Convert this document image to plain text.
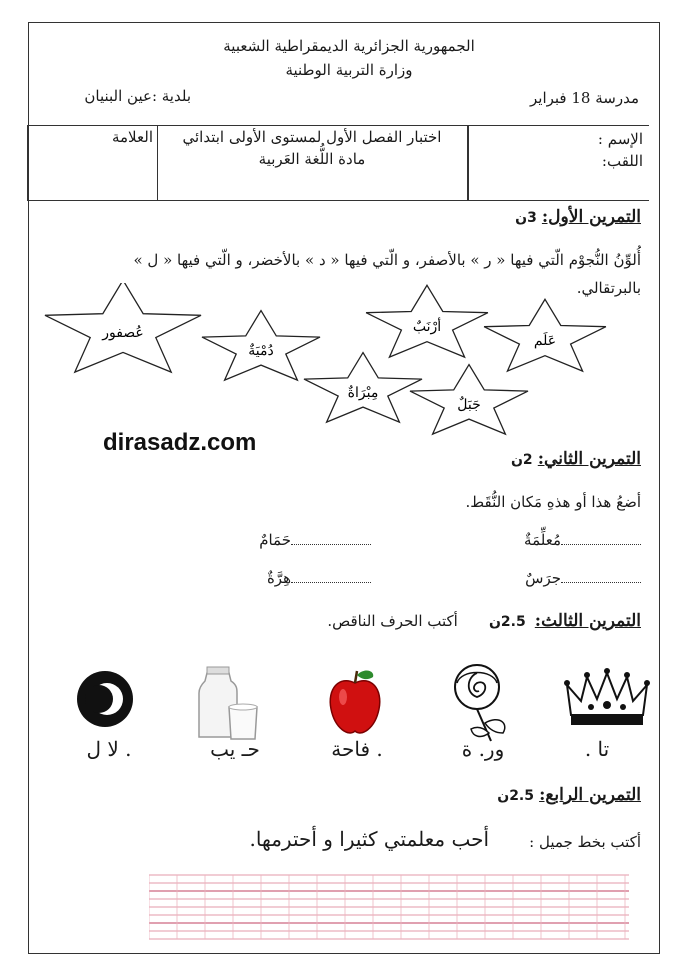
الجمهورية الجزائرية الديمقراطية الشعبية
وزارة التربية الوطنية
مدرسة 18 فبراير
بلدية :عين البنيان
العلامة	اختبار الفصل الأول لمستوى الأولى ابتدائي
مادة اللُّغة العَربية
الإسم :
اللقب:
التمرين الأول: 3ن
أُلوِّنُ النُّجوْم الّتي فيها « ر » بالأصفر، و الّتي فيها « د » بالأخضر، و الّتي فيها « ل »
بالبرتقالي.
عُصفور
دُمْيَةٌ
أرْنَبٌ
عَلَم
مِبْرَاةٌ
جَبَلٌ
dirasadz.com
التمرين الثاني: 2ن
أضعُ هذا أو هذهِ مَكان النُّقَط.
مُعلِّمَةٌ
حَمَامٌ
جرَسٌ
هِرَّةٌ
التمرين الثالث: 2.5ن أكتب الحرف الناقص.
تا .
ور. ة
. فاحة
حـ يب
. لا ل
التمرين الرابع: 2.5ن
أكتب بخط جميل :
أحب معلمتي كثيرا و أحترمها.
